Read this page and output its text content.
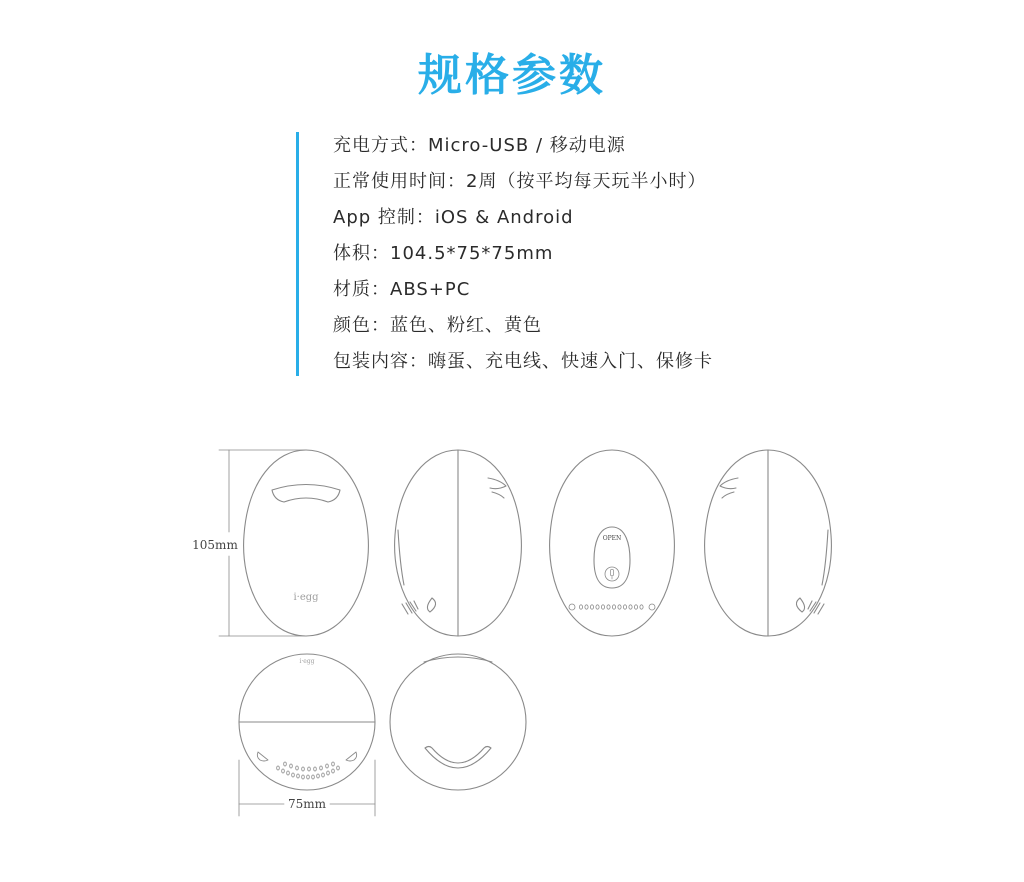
规格参数
充电方式：Micro-USB / 移动电源
正常使用时间：2周（按平均每天玩半小时）
App 控制：iOS & Android
体积：104.5*75*75mm
材质：ABS+PC
颜色：蓝色、粉红、黄色
包装内容：嗨蛋、充电线、快速入门、保修卡
105mm
i·egg
OPEN
i·egg
75mm
